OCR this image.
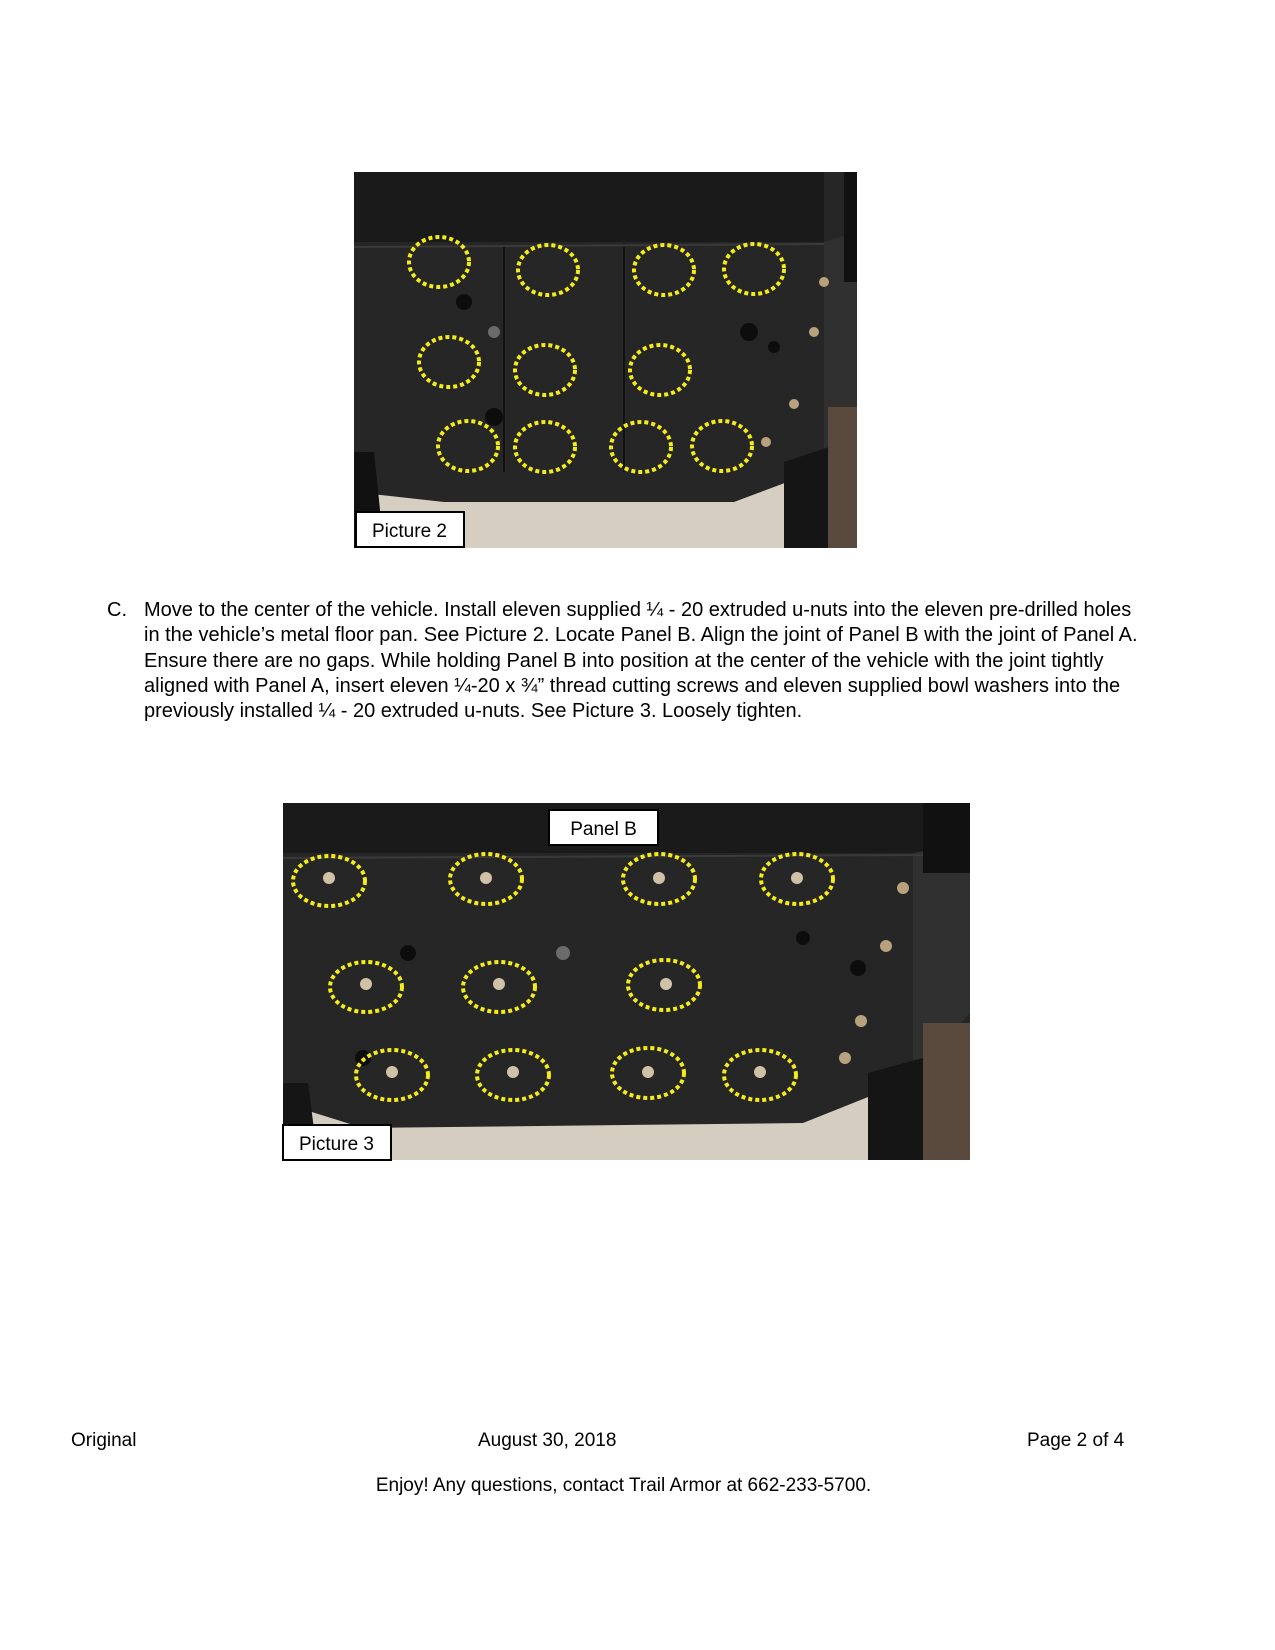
Picture 2
C. Move to the center of the vehicle. Install eleven supplied ¼ - 20 extruded u-nuts into the eleven pre-drilled holes in the vehicle’s metal floor pan. See Picture 2. Locate Panel B. Align the joint of Panel B with the joint of Panel A. Ensure there are no gaps. While holding Panel B into position at the center of the vehicle with the joint tightly aligned with Panel A, insert eleven ¼-20 x ¾” thread cutting screws and eleven supplied bowl washers into the previously installed ¼ - 20 extruded u-nuts. See Picture 3. Loosely tighten.
Panel B
Picture 3
Original	August 30, 2018	Page 2 of 4
Enjoy! Any questions, contact Trail Armor at 662-233-5700.
